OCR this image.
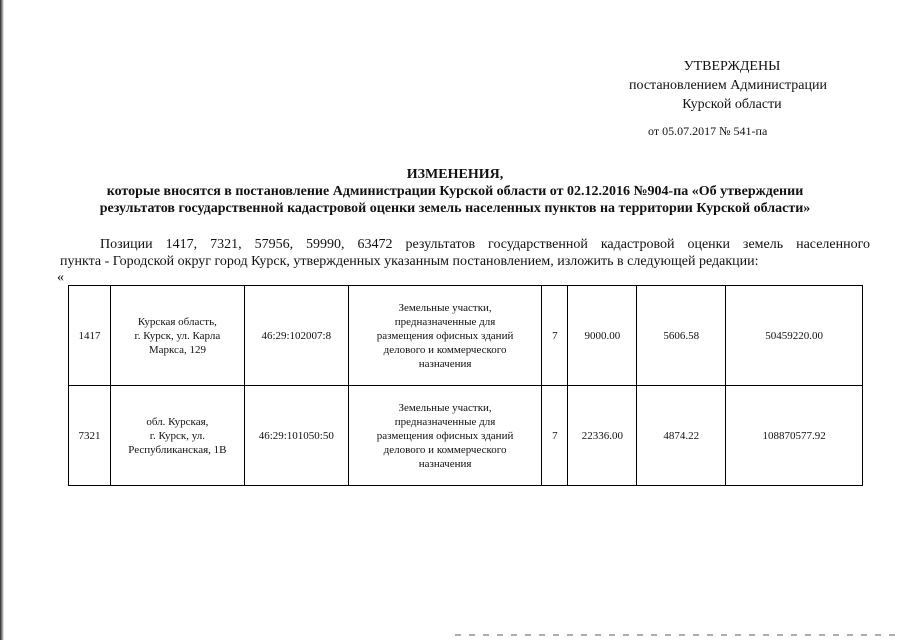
УТВЕРЖДЕНЫ
постановлением Администрации
Курской области
от 05.07.2017 № 541-па
ИЗМЕНЕНИЯ,
которые вносятся в постановление Администрации Курской области от 02.12.2016 №904-па «Об утверждении
результатов государственной кадастровой оценки земель населенных пунктов на территории Курской области»
Позиции 1417, 7321, 57956, 59990, 63472 результатов государственной кадастровой оценки земель населенного
пункта - Городской округ город Курск, утвержденных указанным постановлением, изложить в следующей редакции:
«
1417	Курская область,
г. Курск, ул. Карла
Маркса, 129	46:29:102007:8	Земельные участки,
предназначенные для
размещения офисных зданий
делового и коммерческого
назначения	7	9000.00	5606.58	50459220.00
7321	обл. Курская,
г. Курск, ул.
Республиканская, 1В	46:29:101050:50	Земельные участки,
предназначенные для
размещения офисных зданий
делового и коммерческого
назначения	7	22336.00	4874.22	108870577.92
